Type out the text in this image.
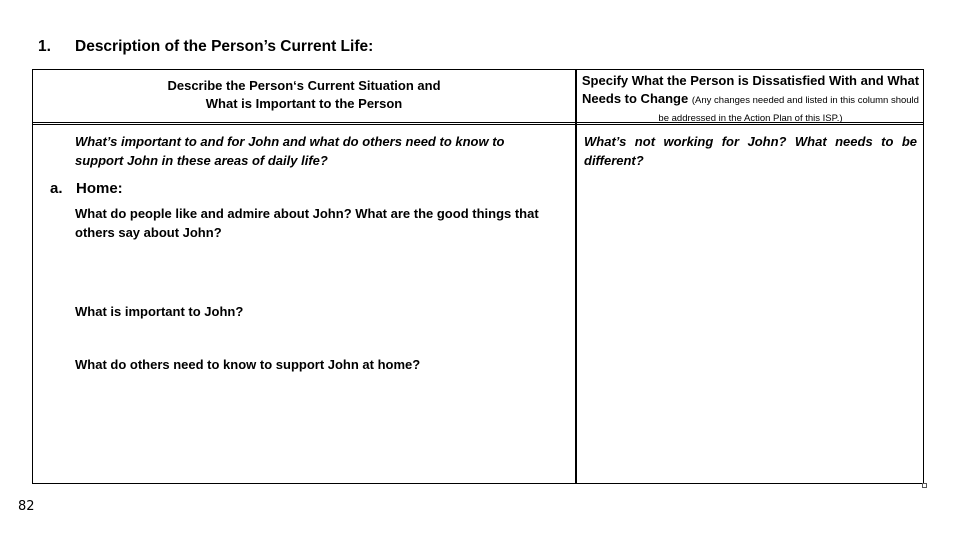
1. Description of the Person’s Current Life:
Describe the Person‘s Current Situation and
What is Important to the Person
Specify What the Person is Dissatisfied With and What Needs to Change (Any changes needed and listed in this column should be addressed in the Action Plan of this ISP.)
What’s important to and for John and what do others need to know to support John in these areas of daily life?
a. Home:
What do people like and admire about John? What are the good things that others say about John?
What is important to John?
What do others need to know to support John at home?
What’s not working for John? What needs to be different?
82
